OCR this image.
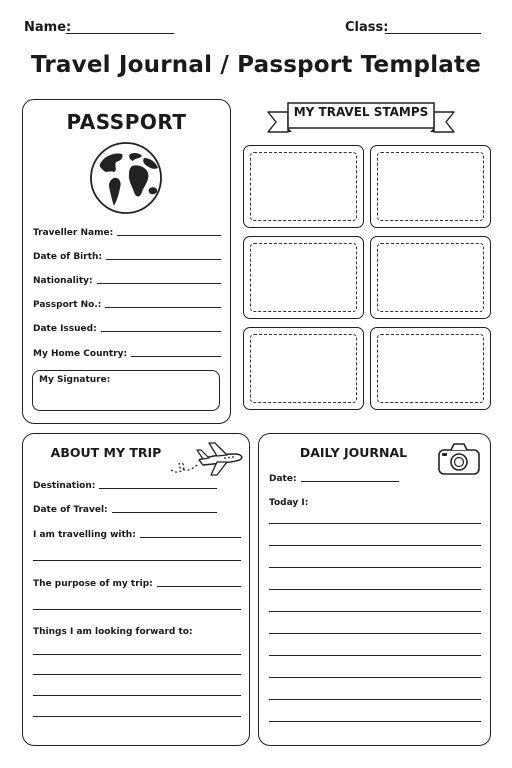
Name:	Class:
Travel Journal / Passport Template
PASSPORT
Traveller Name:
Date of Birth:
Nationality:
Passport No.:
Date Issued:
My Home Country:
My Signature:
MY TRAVEL STAMPS
ABOUT MY TRIP
Destination:
Date of Travel:
I am travelling with:
The purpose of my trip:
Things I am looking forward to:
DAILY JOURNAL
Date:
Today I:
